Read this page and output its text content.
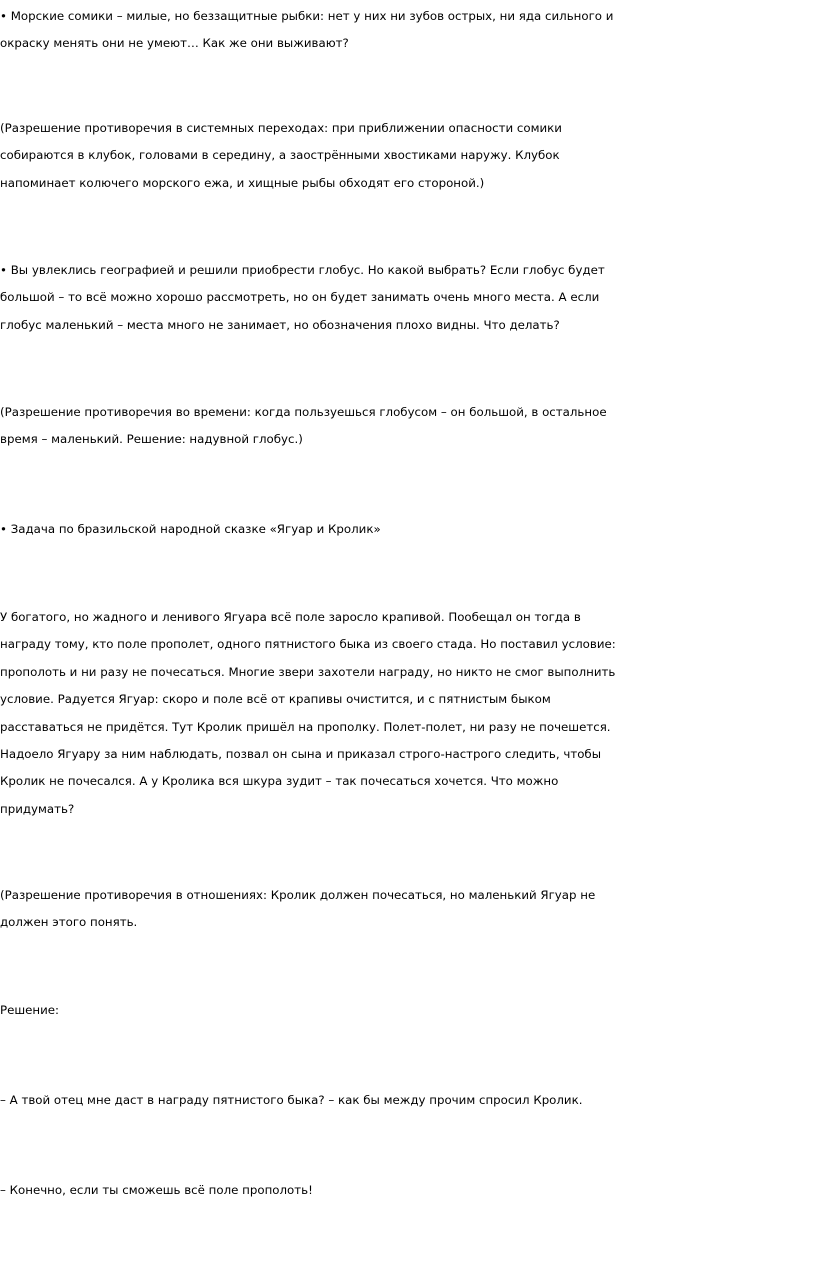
• Морские сомики – милые, но беззащитные рыбки: нет у них ни зубов острых, ни яда сильного и
окраску менять они не умеют… Как же они выживают?

(Разрешение противоречия в системных переходах: при приближении опасности сомики
собираются в клубок, головами в середину, а заострёнными хвостиками наружу. Клубок
напоминает колючего морского ежа, и хищные рыбы обходят его стороной.)

• Вы увлеклись географией и решили приобрести глобус. Но какой выбрать? Если глобус будет
большой – то всё можно хорошо рассмотреть, но он будет занимать очень много места. А если
глобус маленький – места много не занимает, но обозначения плохо видны. Что делать?

(Разрешение противоречия во времени: когда пользуешься глобусом – он большой, в остальное
время – маленький. Решение: надувной глобус.)

• Задача по бразильской народной сказке «Ягуар и Кролик»

У богатого, но жадного и ленивого Ягуара всё поле заросло крапивой. Пообещал он тогда в
награду тому, кто поле прополет, одного пятнистого быка из своего стада. Но поставил условие:
прополоть и ни разу не почесаться. Многие звери захотели награду, но никто не смог выполнить
условие. Радуется Ягуар: скоро и поле всё от крапивы очистится, и с пятнистым быком
расставаться не придётся. Тут Кролик пришёл на прополку. Полет-полет, ни разу не почешется.
Надоело Ягуару за ним наблюдать, позвал он сына и приказал строго-настрого следить, чтобы
Кролик не почесался. А у Кролика вся шкура зудит – так почесаться хочется. Что можно
придумать?

(Разрешение противоречия в отношениях: Кролик должен почесаться, но маленький Ягуар не
должен этого понять.

Решение:

– А твой отец мне даст в награду пятнистого быка? – как бы между прочим спросил Кролик.

– Конечно, если ты сможешь всё поле прополоть!
